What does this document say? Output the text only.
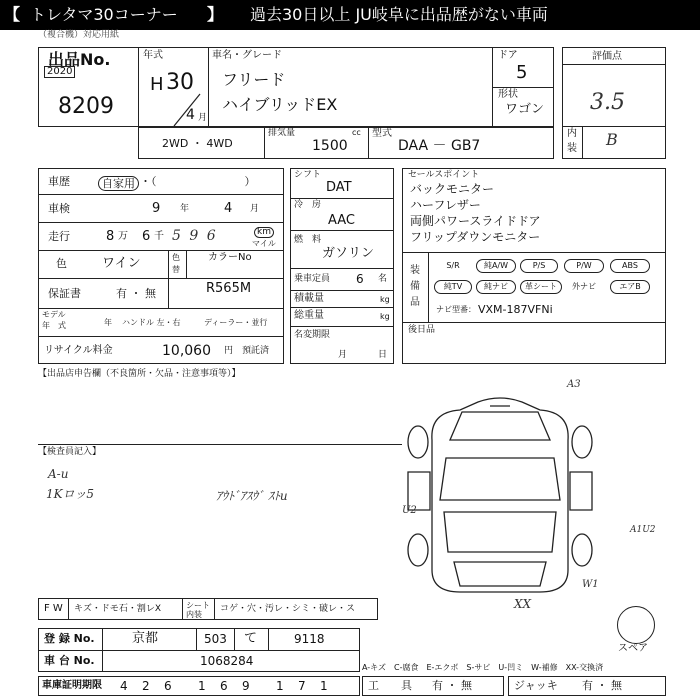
【 トレタマ30コーナー 】 過去30日以上 JU岐阜に出品歴がない車両
（複合機）対応用紙
出品No.
2020
8209
年式
H 30
4 月
車名・グレード
フリード
ハイブリッドEX
ドア
5
形状
ワゴン
評価点
3.5
内
装 B
2WD ・ 4WD
排気量	cc
1500
型式
DAA － GB7
車歴	自家用 ・（　　　　　　　　）
車検	9 年	4 月
走行	8 万 6 千 5 9 6	km
マイル
色	ワイン	色
替
カラーNo
R565M
保証書	有 ・ 無
モデル
年　式	年 ハンドル 左・右	ディーラー・並行
リサイクル料金	10,060 円 預託済
シフト
DAT
冷　房
AAC
燃　料
ガソリン
乗車定員 6 名
積載量	kg
総重量	kg
名変期限
月	日
セールスポイント
バックモニター
ハーフレザー
両側パワースライドドア
フリップダウンモニター
装
備
品
S/R	純A/W	P/S	P/W	ABS
純TV	純ナビ	革シート	外ナビ	エアB
ナビ型番： VXM-187VFNi
後日品
【出品店申告欄（不良箇所・欠品・注意事項等）】
【検査員記入】
A-u
1Kロッ5	ｱｳﾄﾞｱｽｳﾞ ｽﾄu
A3
U2
A1U2
W1
XX
F W キズ・ドモ石・割レX	シート 内装
コゲ・穴・汚レ・シミ・破レ・ス
スペア
登 録 No.	京都	503 て	9118
車 台 No.	1068284	A-キズ　C-腐食　E-エクボ　S-サビ　U-凹ミ　W-補修　XX-交換済
車庫証明期限 4 2 6 1 6 9 1 7 1	工　　具 有 ・ 無	ジャッキ 有 ・ 無
